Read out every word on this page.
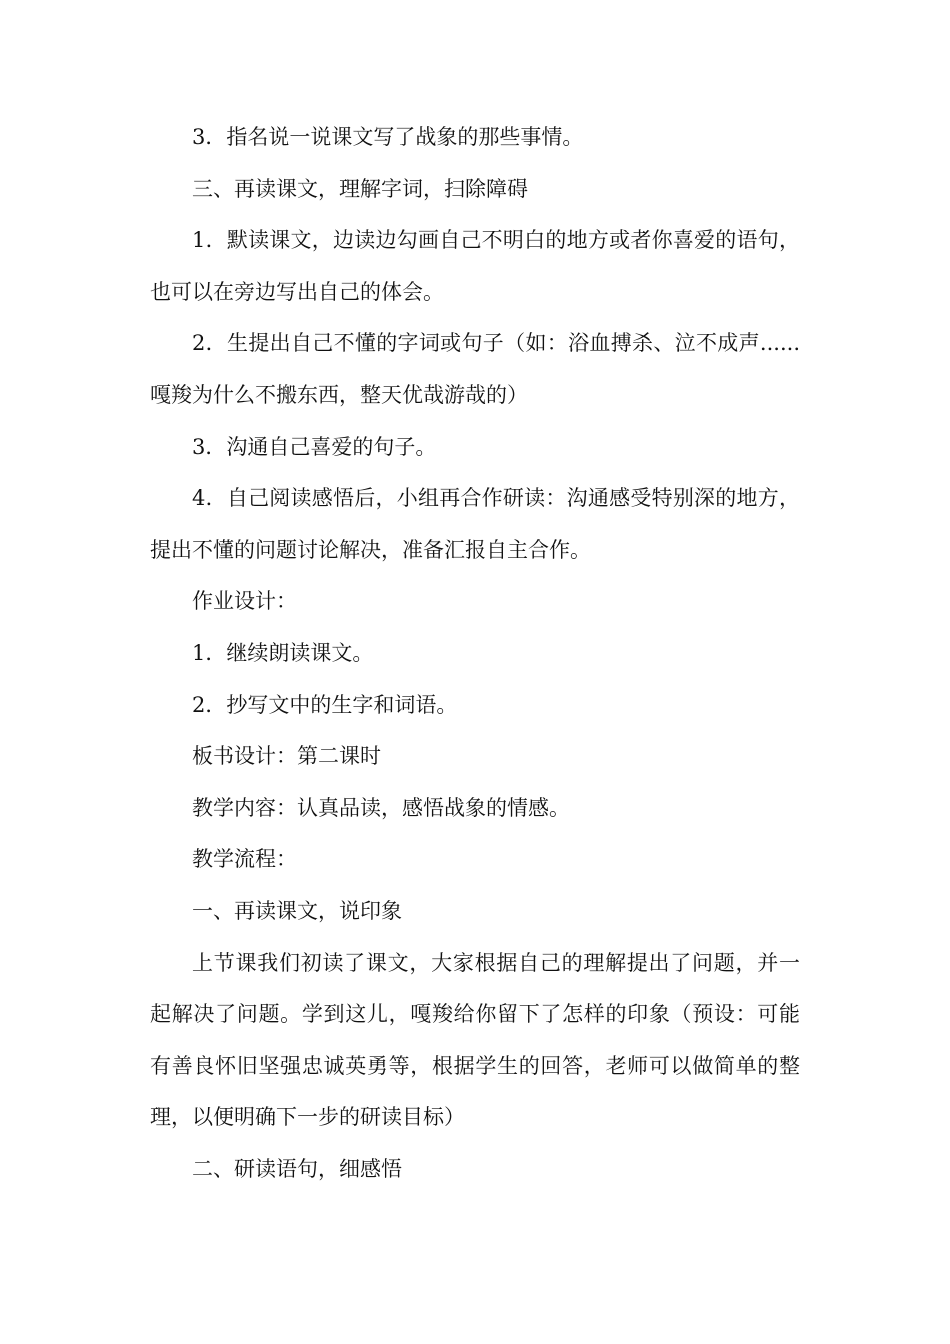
3．指名说一说课文写了战象的那些事情。

三、再读课文，理解字词，扫除障碍

1．默读课文，边读边勾画自己不明白的地方或者你喜爱的语句，也可以在旁边写出自己的体会。

2．生提出自己不懂的字词或句子（如：浴血搏杀、泣不成声......嘎羧为什么不搬东西，整天优哉游哉的）

3．沟通自己喜爱的句子。

4．自己阅读感悟后，小组再合作研读：沟通感受特别深的地方，提出不懂的问题讨论解决，准备汇报自主合作。

作业设计：

1．继续朗读课文。

2．抄写文中的生字和词语。

板书设计：第二课时

教学内容：认真品读，感悟战象的情感。

教学流程：

一、再读课文，说印象

上节课我们初读了课文，大家根据自己的理解提出了问题，并一起解决了问题。学到这儿，嘎羧给你留下了怎样的印象（预设：可能有善良怀旧坚强忠诚英勇等，根据学生的回答，老师可以做简单的整理，以便明确下一步的研读目标）

二、研读语句，细感悟
